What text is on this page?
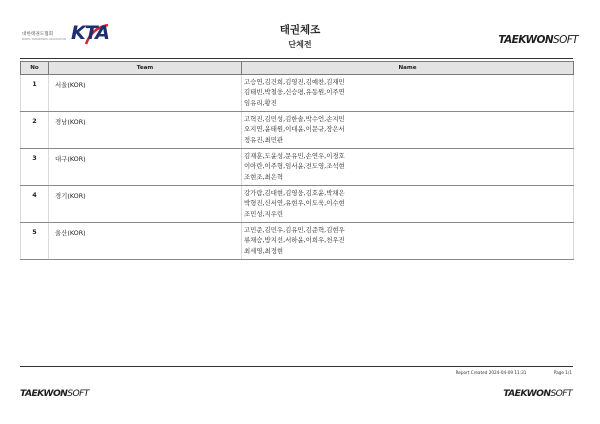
대한태권도협회
KOREA TAEKWONDO ASSOCIATION KTA	태권체조
단체전	TAEKWONSOFT
No	Team	Name
1	서울(KOR)	고승연,김건희,김영진,김예찬,김재민
김태빈,박철웅,신승평,유동원,이주연
임유리,황진

2	경남(KOR)	고혁진,김민성,김한솔,박수언,손지민
오지연,윤태원,이대윤,이문규,장은서
정유진,최민관

3	대구(KOR)	김재훈,도윤성,문유민,손연우,이경호
이아란,이주형,임서윤,전도영,조석현
조현조,최은혁

4	경기(KOR)	강가람,김대현,김영웅,김호윤,박채은
박형진,신서연,유현우,이도욱,이수현
조민성,지우린

5	울산(KOR)	고민준,김민우,김유민,김준혁,김현우
류채승,방지선,서하윤,이희우,천우진
최세영,최정현
Report Created 2024-04-09 11:31	Page 1/1
TAEKWONSOFT	TAEKWONSOFT
